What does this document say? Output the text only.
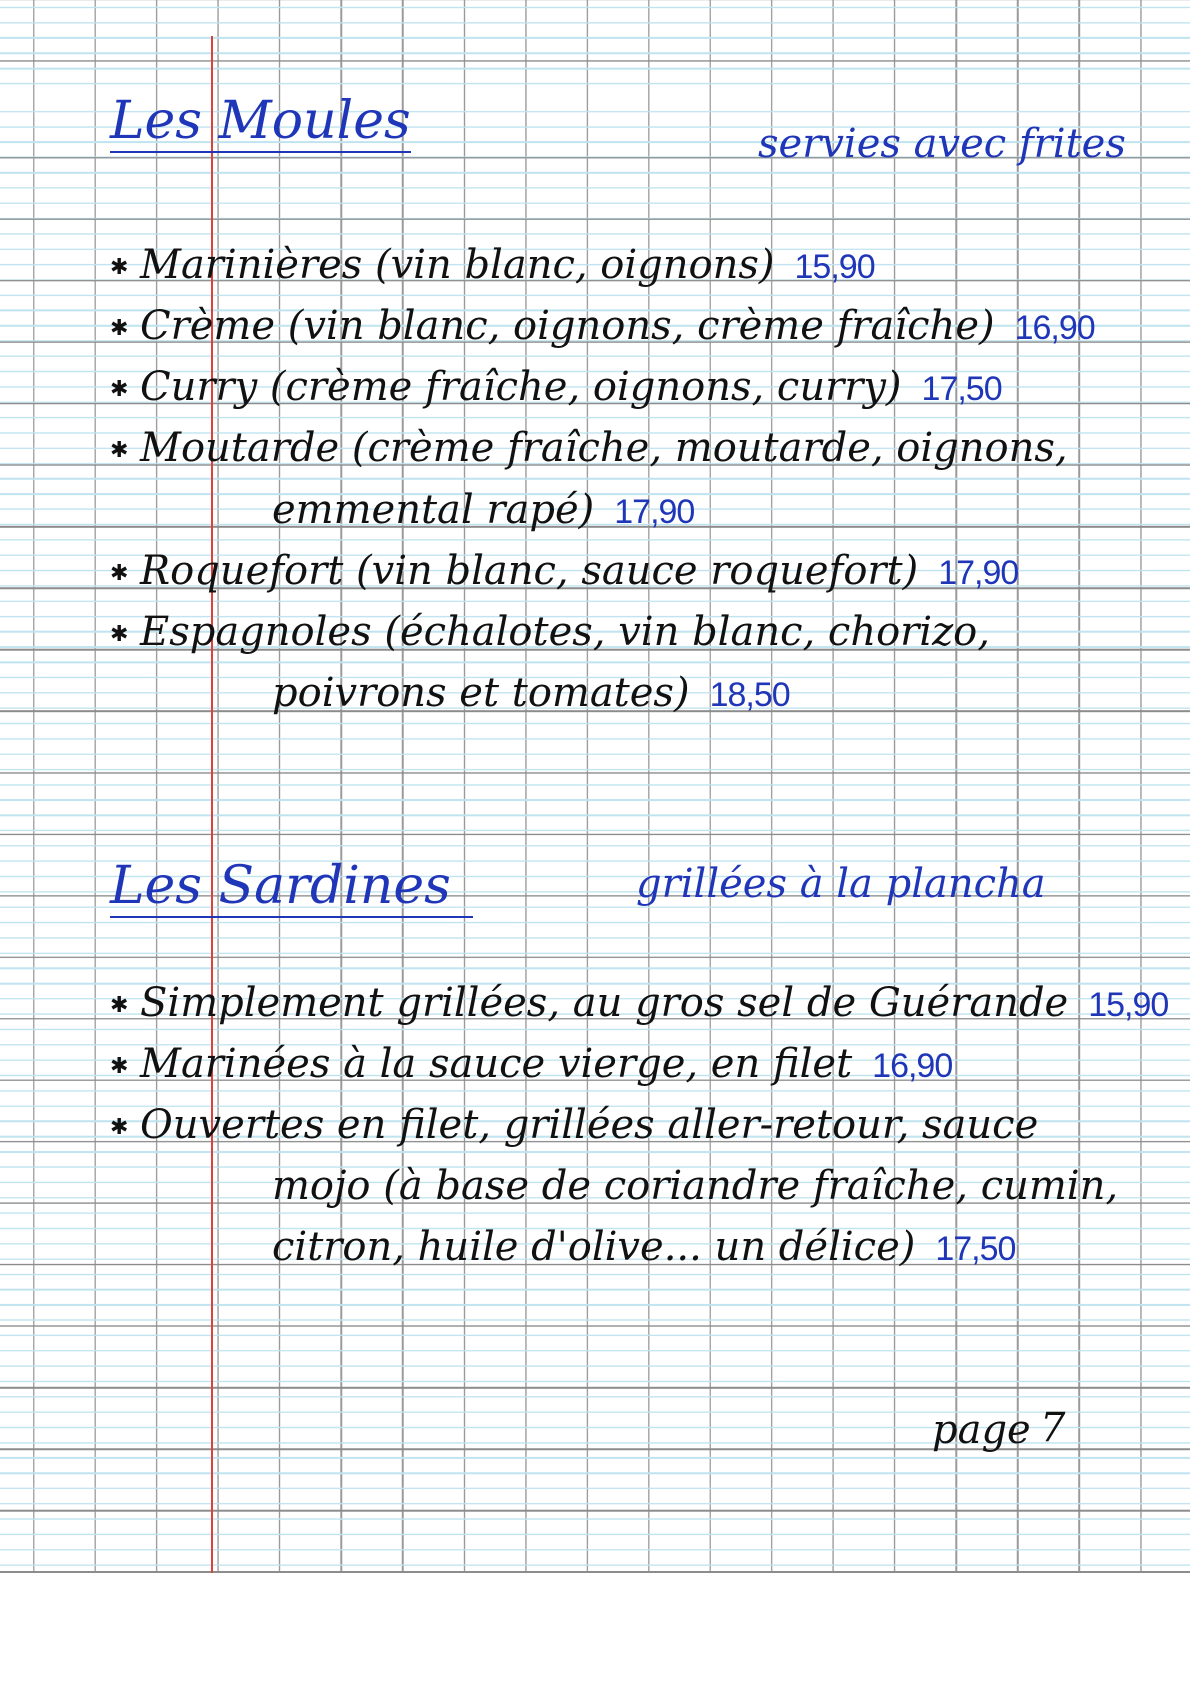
Les Moules	servies avec frites
✱ Marinières (vin blanc, oignons) 15,90
✱ Crème (vin blanc, oignons, crème fraîche) 16,90
✱ Curry (crème fraîche, oignons, curry) 17,50
✱ Moutarde (crème fraîche, moutarde, oignons,
emmental rapé) 17,90
✱ Roquefort (vin blanc, sauce roquefort) 17,90
✱ Espagnoles (échalotes, vin blanc, chorizo,
poivrons et tomates) 18,50
Les Sardines	grillées à la plancha
✱ Simplement grillées, au gros sel de Guérande 15,90
✱ Marinées à la sauce vierge, en filet 16,90
✱ Ouvertes en filet, grillées aller-retour, sauce
mojo (à base de coriandre fraîche, cumin,
citron, huile d'olive... un délice) 17,50
page 7
